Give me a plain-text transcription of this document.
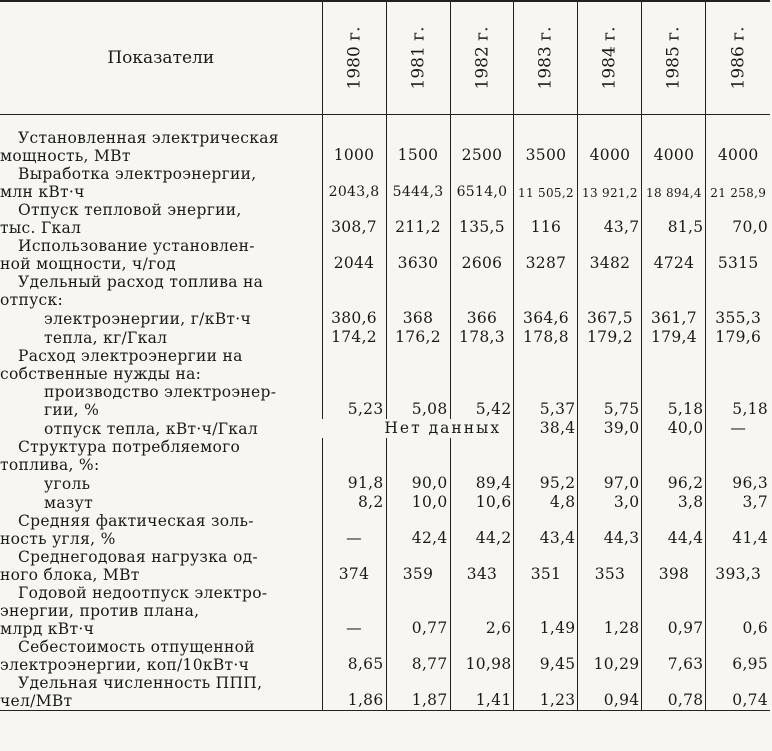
Показатели	1980 г.	1981 г.	1982 г.	1983 г.	1984 г.	1985 г.	1986 г.

Установленная электрическая
мощность, МВт	1000	1500	2500	3500	4000	4000	4000

Выработка электроэнергии,
млн кВт·ч	2043,8	5444,3	6514,0	11 505,2	13 921,2	18 894,4	21 258,9

Отпуск тепловой энергии,
тыс. Гкал	308,7	211,2	135,5	116	43,7	81,5	70,0

Использование установлен-
ной мощности, ч/год	2044	3630	2606	3287	3482	4724	5315

Удельный расход топлива на
отпуск:							

электроэнергии, г/кВт·ч	380,6	368	366	364,6	367,5	361,7	355,3

тепла, кг/Гкал	174,2	176,2	178,3	178,8	179,2	179,4	179,6

Расход электроэнергии на
собственные нужды на:							

производство электроэнер-
гии, %	5,23	5,08	5,42	5,37	5,75	5,18	5,18

отпуск тепла, кВт·ч/Гкал	Нет данных			38,4	39,0	40,0	—

Структура потребляемого
топлива, %:							

уголь	91,8	90,0	89,4	95,2	97,0	96,2	96,3

мазут	8,2	10,0	10,6	4,8	3,0	3,8	3,7

Средняя фактическая золь-
ность угля, %	—	42,4	44,2	43,4	44,3	44,4	41,4

Среднегодовая нагрузка од-
ного блока, МВт	374	359	343	351	353	398	393,3

Годовой недоотпуск электро-
энергии, против плана,
млрд кВт·ч	—	0,77	2,6	1,49	1,28	0,97	0,6

Себестоимость отпущенной
электроэнергии, коп/10кВт·ч	8,65	8,77	10,98	9,45	10,29	7,63	6,95

Удельная численность ППП,
чел/МВт	1,86	1,87	1,41	1,23	0,94	0,78	0,74
